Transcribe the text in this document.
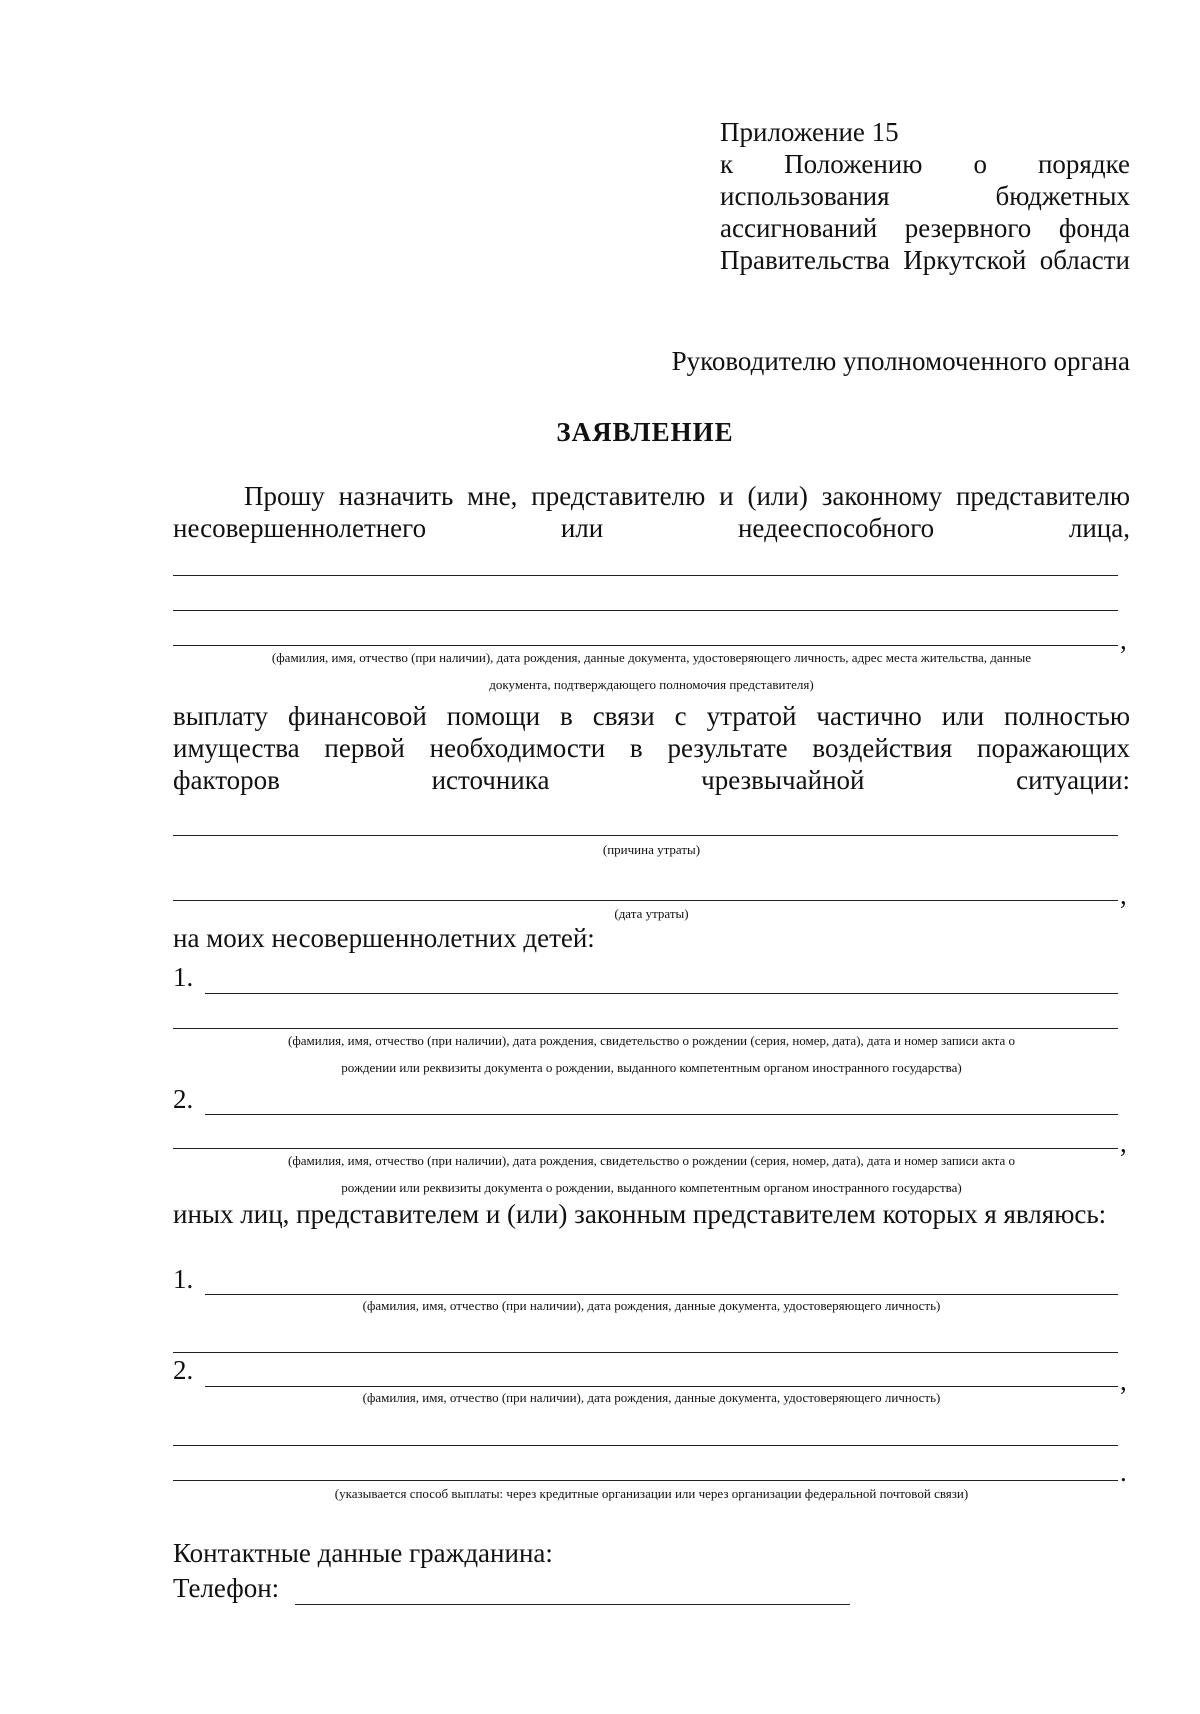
Приложение 15

к Положению о порядке использования бюджетных ассигнований резервного фонда Правительства Иркутской области

Руководителю уполномоченного органа
ЗАЯВЛЕНИЕ
Прошу назначить мне, представителю и (или) законному представителю несовершеннолетнего или недееспособного лица,
,
(фамилия, имя, отчество (при наличии), дата рождения, данные документа, удостоверяющего личность, адрес места жительства, данные
документа, подтверждающего полномочия представителя)

выплату финансовой помощи в связи с утратой частично или полностью имущества первой необходимости в результате воздействия поражающих факторов источника чрезвычайной ситуации:

(причина утраты)
,
(дата утраты)
на моих несовершеннолетних детей:
1.
(фамилия, имя, отчество (при наличии), дата рождения, свидетельство о рождении (серия, номер, дата), дата и номер записи акта о
рождении или реквизиты документа о рождении, выданного компетентным органом иностранного государства)
2.
,
(фамилия, имя, отчество (при наличии), дата рождения, свидетельство о рождении (серия, номер, дата), дата и номер записи акта о
рождении или реквизиты документа о рождении, выданного компетентным органом иностранного государства)

иных лиц, представителем и (или) законным представителем которых я являюсь:

1.
(фамилия, имя, отчество (при наличии), дата рождения, данные документа, удостоверяющего личность)
2.	,
(фамилия, имя, отчество (при наличии), дата рождения, данные документа, удостоверяющего личность)
.
(указывается способ выплаты: через кредитные организации или через организации федеральной почтовой связи)
Контактные данные гражданина:
Телефон:
